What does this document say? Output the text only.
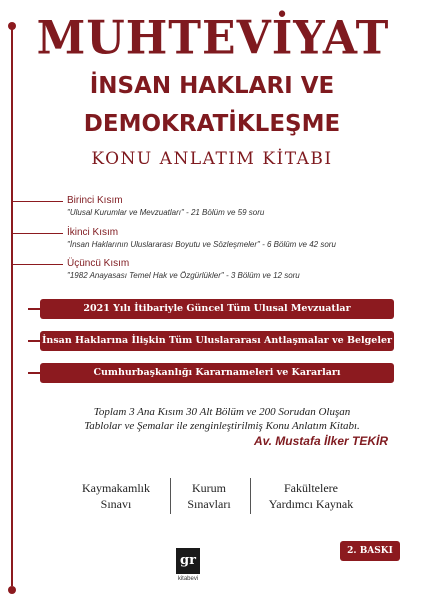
MUHTEVİYAT
İNSAN HAKLARI VE
DEMOKRATİKLEŞME
KONU ANLATIM KİTABI
Birinci Kısım
"Ulusal Kurumlar ve Mevzuatları" - 21 Bölüm ve 59 soru
İkinci Kısım
"İnsan Haklarının Uluslararası Boyutu ve Sözleşmeler" - 6 Bölüm ve 42 soru
Üçüncü Kısım
"1982 Anayasası Temel Hak ve Özgürlükler" - 3 Bölüm ve 12 soru
2021 Yılı İtibariyle Güncel Tüm Ulusal Mevzuatlar
İnsan Haklarına İlişkin Tüm Uluslararası Antlaşmalar ve Belgeler
Cumhurbaşkanlığı Kararnameleri ve Kararları
Toplam 3 Ana Kısım 30 Alt Bölüm ve 200 Sorudan Oluşan
Tablolar ve Şemalar ile zenginleştirilmiş Konu Anlatım Kitabı.
Av. Mustafa İlker TEKİR
Kaymakamlık
Sınavı
Kurum
Sınavları
Fakültelere
Yardımcı Kaynak
gr
kitabevi
2. BASKI
